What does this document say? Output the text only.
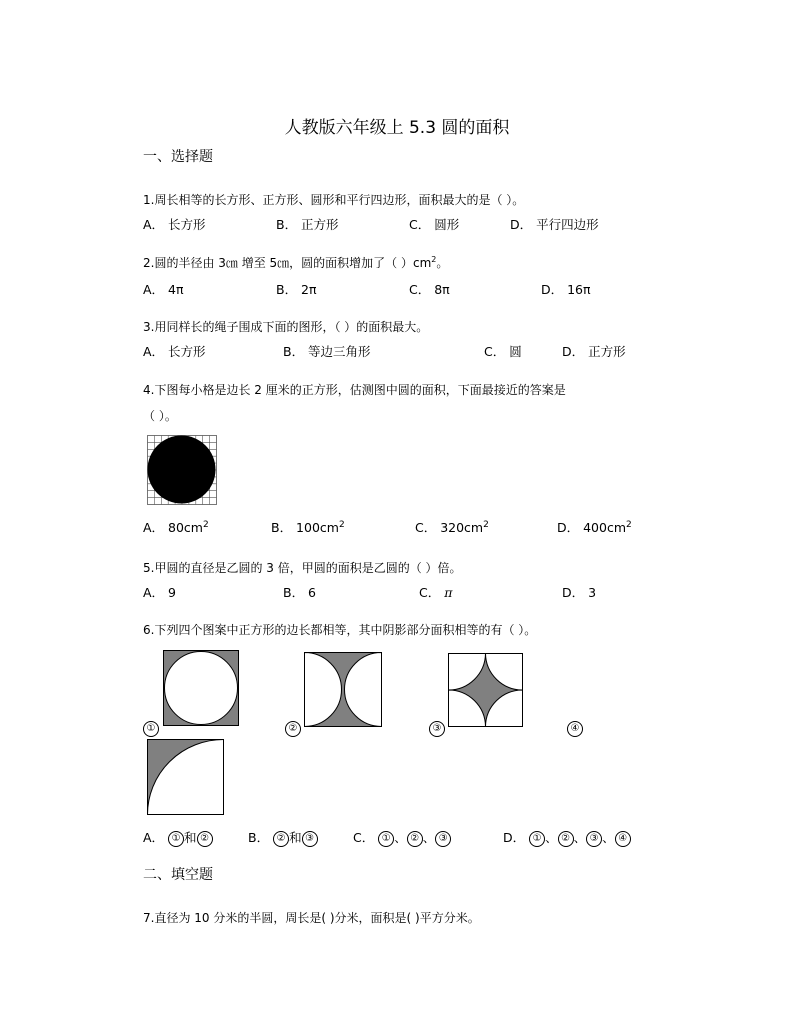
人教版六年级上 5.3 圆的面积
一、选择题
1.周长相等的长方形、正方形、圆形和平行四边形，面积最大的是（ ）。
A． 长方形	B． 正方形	C． 圆形	D． 平行四边形
2.圆的半径由 3㎝ 增至 5㎝，圆的面积增加了（ ）$cm^2$。
A． 4π	B． 2π	C． 8π	D． 16π
3.用同样长的绳子围成下面的图形，（ ）的面积最大。
A． 长方形	B． 等边三角形	C． 圆	D． 正方形
4.下图每小格是边长 2 厘米的正方形，估测图中圆的面积，下面最接近的答案是
（ ）。
A． $80cm^2$	B． $100cm^2$	C． $320cm^2$	D． $400cm^2$
5.甲圆的直径是乙圆的 3 倍，甲圆的面积是乙圆的（ ）倍。
A． 9	B． 6	C． π	D． 3
6.下列四个图案中正方形的边长都相等，其中阴影部分面积相等的有（ ）。
①	②	③	④
A． ① 和 ②	B． ② 和 ③	C． ① 、 ② 、 ③	D． ① 、 ② 、 ③ 、 ④
二、填空题
7.直径为 10 分米的半圆，周长是( )分米，面积是( )平方分米。
